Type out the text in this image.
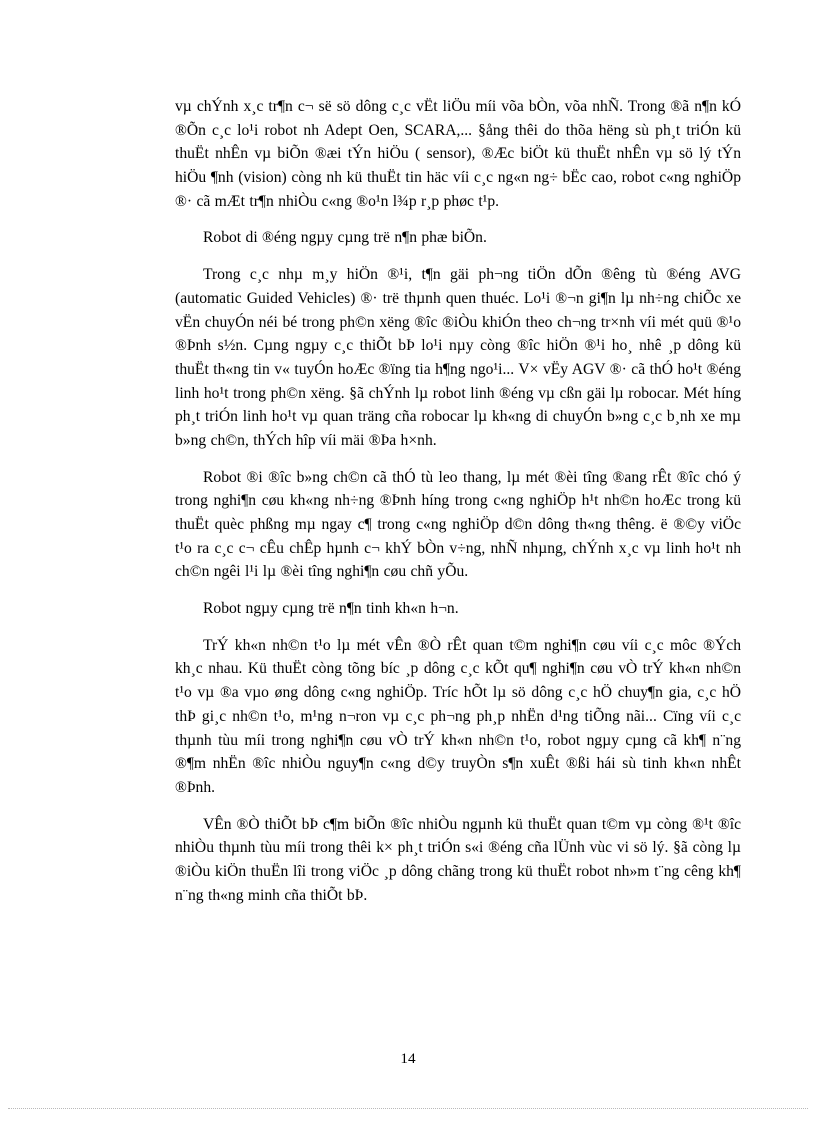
vµ chÝnh x¸c tr¶n c¬ së sö dông c¸c vËt liÖu míi võa bÒn, võa nhÑ. Trong ®ã n¶n kÓ ®Õn c¸c lo¹i robot nh Adept Oen, SCARA,... §ång thêi do thõa hëng sù ph¸t triÓn kü thuËt nhÊn vµ biÕn ®æi tÝn hiÖu ( sensor), ®Æc biÖt kü thuËt nhÊn vµ sö lý tÝn hiÖu ¶nh (vision) còng nh kü thuËt tin häc víi c¸c ng«n ng÷ bËc cao, robot c«ng nghiÖp ®· cã mÆt tr¶n nhiÒu c«ng ®o¹n l¾p r¸p phøc t¹p.

Robot di ®éng ngµy cµng trë n¶n phæ biÕn.

Trong c¸c nhµ m¸y hiÖn ®¹i, t¶n gäi ph¬ng tiÖn dÕn ®êng tù ®éng AVG (automatic Guided Vehicles) ®· trë thµnh quen thuéc. Lo¹i ®¬n gi¶n lµ nh÷ng chiÕc xe vËn chuyÓn néi bé trong ph©n xëng ®îc ®iÒu khiÓn theo ch¬ng tr×nh víi mét quü ®¹o ®Þnh s½n. Cµng ngµy c¸c thiÕt bÞ lo¹i nµy còng ®îc hiÖn ®¹i ho¸ nhê ¸p dông kü thuËt th«ng tin v« tuyÓn hoÆc ®ïng tia h¶ng ngo¹i... V× vËy AGV ®· cã thÓ ho¹t ®éng linh ho¹t trong ph©n xëng. §ã chÝnh lµ robot linh ®éng vµ cßn gäi lµ robocar. Mét híng ph¸t triÓn linh ho¹t vµ quan träng cña robocar lµ kh«ng di chuyÓn b»ng c¸c b¸nh xe mµ b»ng ch©n, thÝch hîp víi mäi ®Þa h×nh.

Robot ®i ®îc b»ng ch©n cã thÓ tù leo thang, lµ mét ®èi tîng ®ang rÊt ®îc chó ý trong nghi¶n cøu kh«ng nh÷ng ®Þnh híng trong c«ng nghiÖp h¹t nh©n hoÆc trong kü thuËt quèc phßng mµ ngay c¶ trong c«ng nghiÖp d©n dông th«ng thêng. ë ®©y viÖc t¹o ra c¸c c¬ cÊu chÊp hµnh c¬ khÝ bÒn v÷ng, nhÑ nhµng, chÝnh x¸c vµ linh ho¹t nh ch©n ngêi l¹i lµ ®èi tîng nghi¶n cøu chñ yÕu.

Robot ngµy cµng trë n¶n tinh kh«n h¬n.

TrÝ kh«n nh©n t¹o lµ mét vÊn ®Ò rÊt quan t©m nghi¶n cøu víi c¸c môc ®Ých kh¸c nhau. Kü thuËt còng tõng bíc ¸p dông c¸c kÕt qu¶ nghi¶n cøu vÒ trÝ kh«n nh©n t¹o vµ ®a vµo øng dông c«ng nghiÖp. Tríc hÕt lµ sö dông c¸c hÖ chuy¶n gia, c¸c hÖ thÞ gi¸c nh©n t¹o, m¹ng n¬ron vµ c¸c ph¬ng ph¸p nhËn d¹ng tiÕng nãi... Cïng víi c¸c thµnh tùu míi trong nghi¶n cøu vÒ trÝ kh«n nh©n t¹o, robot ngµy cµng cã kh¶ n¨ng ®¶m nhËn ®îc nhiÒu nguy¶n c«ng d©y truyÒn s¶n xuÊt ®ßi hái sù tinh kh«n nhÊt ®Þnh.

VÊn ®Ò thiÕt bÞ c¶m biÕn ®îc nhiÒu ngµnh kü thuËt quan t©m vµ còng ®¹t ®îc nhiÒu thµnh tùu míi trong thêi k× ph¸t triÓn s«i ®éng cña lÜnh vùc vi sö lý. §ã còng lµ ®iÒu kiÖn thuËn lîi trong viÖc ¸p dông chãng trong kü thuËt robot nh»m t¨ng cêng kh¶ n¨ng th«ng minh cña thiÕt bÞ.

14
